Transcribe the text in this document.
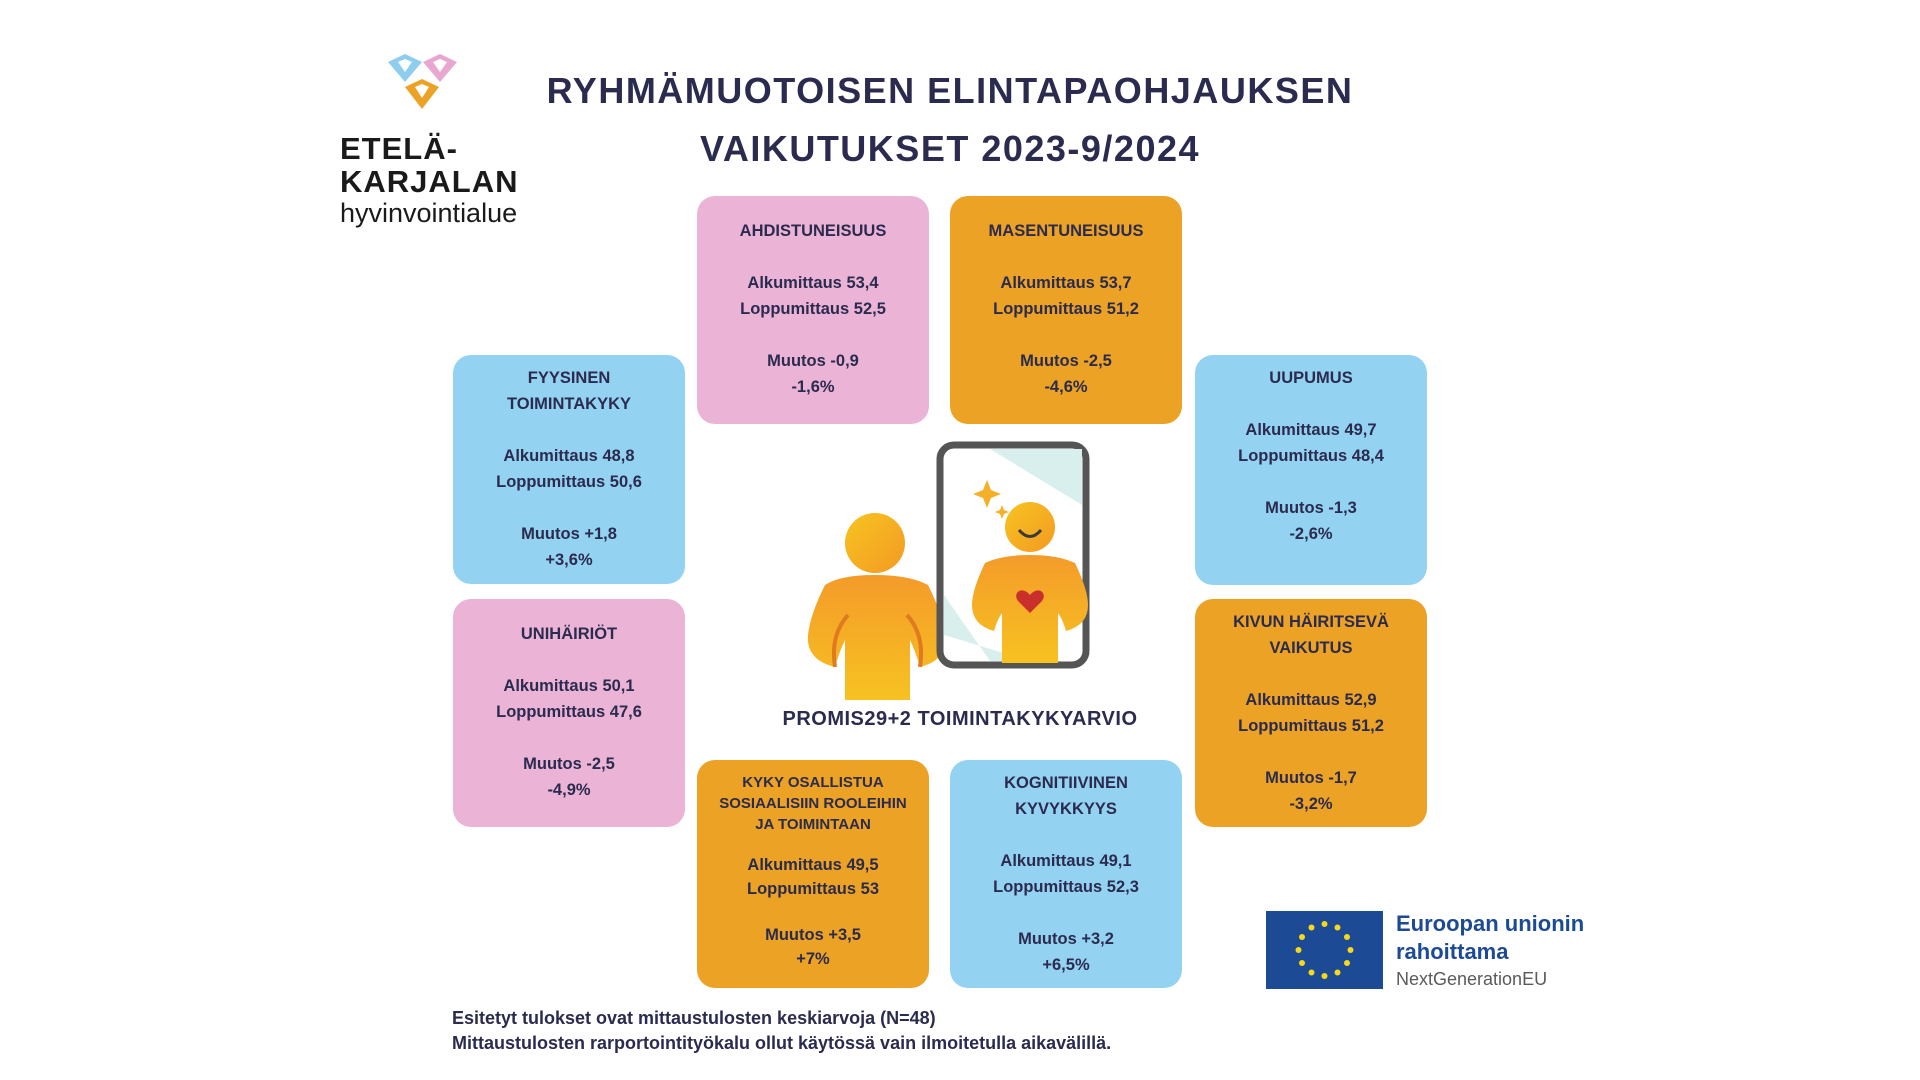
ETELÄ-
KARJALAN
hyvinvointialue
RYHMÄMUOTOISEN ELINTAPAOHJAUKSEN
VAIKUTUKSET 2023-9/2024
AHDISTUNEISUUS
Alkumittaus 53,4
Loppumittaus 52,5
Muutos -0,9
-1,6%
MASENTUNEISUUS
Alkumittaus 53,7
Loppumittaus 51,2
Muutos -2,5
-4,6%
FYYSINEN
TOIMINTAKYKY
Alkumittaus 48,8
Loppumittaus 50,6
Muutos +1,8
+3,6%
UUPUMUS
Alkumittaus 49,7
Loppumittaus 48,4
Muutos -1,3
-2,6%
UNIHÄIRIÖT
Alkumittaus 50,1
Loppumittaus 47,6
Muutos -2,5
-4,9%
KIVUN HÄIRITSEVÄ
VAIKUTUS
Alkumittaus 52,9
Loppumittaus 51,2
Muutos -1,7
-3,2%
KYKY OSALLISTUA
SOSIAALISIIN ROOLEIHIN
JA TOIMINTAAN
Alkumittaus 49,5
Loppumittaus 53
Muutos +3,5
+7%
KOGNITIIVINEN
KYVYKKYYS
Alkumittaus 49,1
Loppumittaus 52,3
Muutos +3,2
+6,5%
PROMIS29+2 TOIMINTAKYKYARVIO
Euroopan unionin
rahoittama
NextGenerationEU
Esitetyt tulokset ovat mittaustulosten keskiarvoja (N=48)
Mittaustulosten rarportointityökalu ollut käytössä vain ilmoitetulla aikavälillä.
